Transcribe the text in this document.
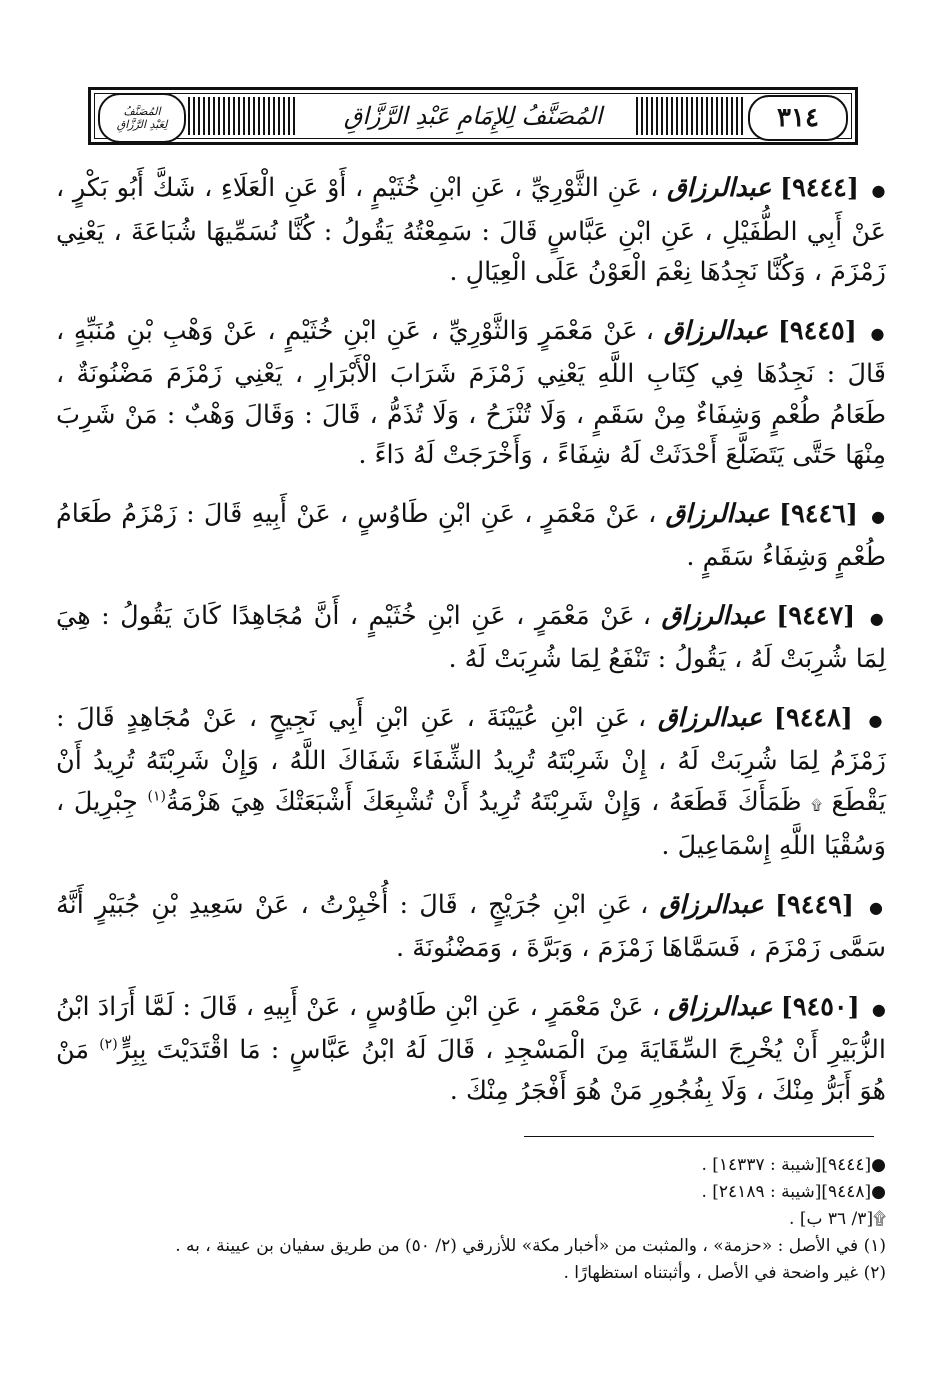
٣١٤
المُصَنَّفُ لِلإِمَامِ عَبْدِ الرَّزَّاقِ
المُصَنَّفُ
لِعَبْدِ الرَّزَّاقِ

● [٩٤٤٤] عبدالرزاق ، عَنِ الثَّوْرِيِّ ، عَنِ ابْنِ خُثَيْمٍ ، أَوْ عَنِ الْعَلَاءِ ، شَكَّ أَبُو بَكْرٍ ، عَنْ أَبِي الطُّفَيْلِ ، عَنِ ابْنِ عَبَّاسٍ قَالَ : سَمِعْتُهُ يَقُولُ : كُنَّا نُسَمِّيهَا شُبَاعَةَ ، يَعْنِي زَمْزَمَ ، وَكُنَّا نَجِدُهَا نِعْمَ الْعَوْنُ عَلَى الْعِيَالِ .

● [٩٤٤٥] عبدالرزاق ، عَنْ مَعْمَرٍ وَالثَّوْرِيِّ ، عَنِ ابْنِ خُثَيْمٍ ، عَنْ وَهْبِ بْنِ مُنَبِّهٍ ، قَالَ : نَجِدُهَا فِي كِتَابِ اللَّهِ يَعْنِي زَمْزَمَ شَرَابَ الْأَبْرَارِ ، يَعْنِي زَمْزَمَ مَضْنُونَةٌ ، طَعَامُ طُعْمٍ وَشِفَاءٌ مِنْ سَقَمٍ ، وَلَا تُنْزَحُ ، وَلَا تُذَمُّ ، قَالَ : وَقَالَ وَهْبٌ : مَنْ شَرِبَ مِنْهَا حَتَّى يَتَضَلَّعَ أَحْدَثَتْ لَهُ شِفَاءً ، وَأَخْرَجَتْ لَهُ دَاءً .

● [٩٤٤٦] عبدالرزاق ، عَنْ مَعْمَرٍ ، عَنِ ابْنِ طَاوُسٍ ، عَنْ أَبِيهِ قَالَ : زَمْزَمُ طَعَامُ طُعْمٍ وَشِفَاءُ سَقَمٍ .

● [٩٤٤٧] عبدالرزاق ، عَنْ مَعْمَرٍ ، عَنِ ابْنِ خُثَيْمٍ ، أَنَّ مُجَاهِدًا كَانَ يَقُولُ : هِيَ لِمَا شُرِبَتْ لَهُ ، يَقُولُ : تَنْفَعُ لِمَا شُرِبَتْ لَهُ .

● [٩٤٤٨] عبدالرزاق ، عَنِ ابْنِ عُيَيْنَةَ ، عَنِ ابْنِ أَبِي نَجِيحٍ ، عَنْ مُجَاهِدٍ قَالَ : زَمْزَمُ لِمَا شُرِبَتْ لَهُ ، إِنْ شَرِبْتَهُ تُرِيدُ الشِّفَاءَ شَفَاكَ اللَّهُ ، وَإِنْ شَرِبْتَهُ تُرِيدُ أَنْ يَقْطَعَ ۩ ظَمَأَكَ قَطَعَهُ ، وَإِنْ شَرِبْتَهُ تُرِيدُ أَنْ تُشْبِعَكَ أَشْبَعَتْكَ هِيَ هَزْمَةُ$^{(١)}$ جِبْرِيلَ ، وَسُقْيَا اللَّهِ إِسْمَاعِيلَ .

● [٩٤٤٩] عبدالرزاق ، عَنِ ابْنِ جُرَيْجٍ ، قَالَ : أُخْبِرْتُ ، عَنْ سَعِيدِ بْنِ جُبَيْرٍ أَنَّهُ سَمَّى زَمْزَمَ ، فَسَمَّاهَا زَمْزَمَ ، وَبَرَّةَ ، وَمَضْنُونَةَ .

● [٩٤٥٠] عبدالرزاق ، عَنْ مَعْمَرٍ ، عَنِ ابْنِ طَاوُسٍ ، عَنْ أَبِيهِ ، قَالَ : لَمَّا أَرَادَ ابْنُ الزُّبَيْرِ أَنْ يُخْرِجَ السِّقَايَةَ مِنَ الْمَسْجِدِ ، قَالَ لَهُ ابْنُ عَبَّاسٍ : مَا اقْتَدَيْتَ بِبِرٍّ$^{(٢)}$ مَنْ هُوَ أَبَرُّ مِنْكَ ، وَلَا بِفُجُورِ مَنْ هُوَ أَفْجَرُ مِنْكَ .

●[٩٤٤٤][شيبة : ١٤٣٣٧] .
●[٩٤٤٨][شيبة : ٢٤١٨٩] .
۩[٣/ ٣٦ ب] .
(١) في الأصل : «حزمة» ، والمثبت من «أخبار مكة» للأزرقي (٢/ ٥٠) من طريق سفيان بن عيينة ، به .
(٢) غير واضحة في الأصل ، وأثبتناه استظهارًا .
